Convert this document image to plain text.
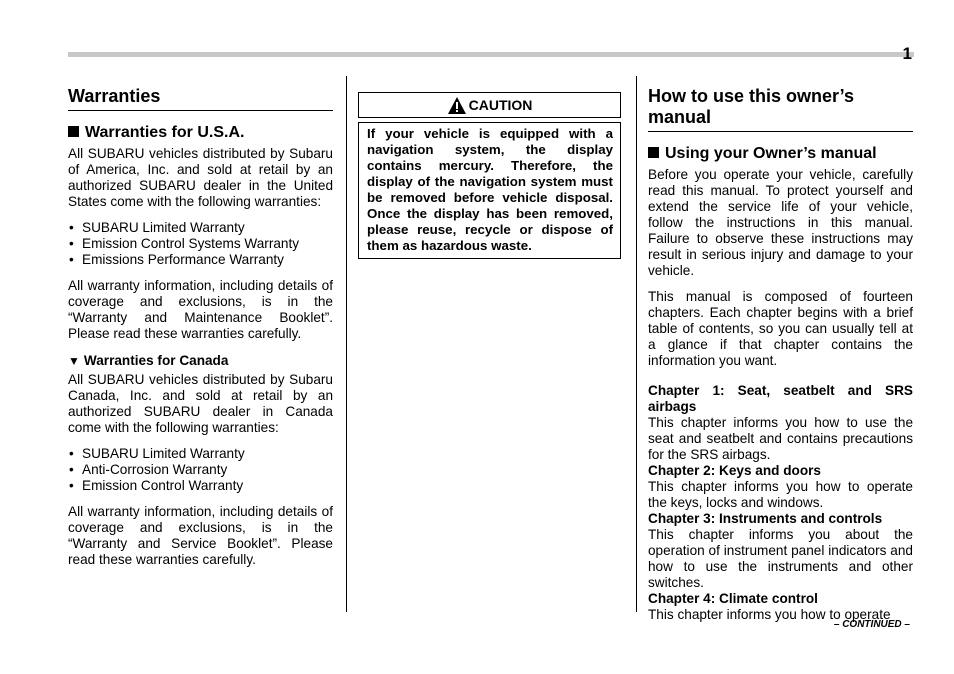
1
Warranties
Warranties for U.S.A.

All SUBARU vehicles distributed by Subaru of America, Inc. and sold at retail by an authorized SUBARU dealer in the United States come with the following warranties:

• SUBARU Limited Warranty
• Emission Control Systems Warranty
• Emissions Performance Warranty

All warranty information, including details of coverage and exclusions, is in the “Warranty and Maintenance Booklet”. Please read these warranties carefully.

▼ Warranties for Canada

All SUBARU vehicles distributed by Subaru Canada, Inc. and sold at retail by an authorized SUBARU dealer in Canada come with the following warranties:

• SUBARU Limited Warranty
• Anti-Corrosion Warranty
• Emission Control Warranty

All warranty information, including details of coverage and exclusions, is in the “Warranty and Service Booklet”. Please read these warranties carefully.

CAUTION
If your vehicle is equipped with a navigation system, the display contains mercury. Therefore, the display of the navigation system must be removed before vehicle disposal. Once the display has been removed, please reuse, recycle or dispose of them as hazardous waste.
How to use this owner’s manual
Using your Owner’s manual

Before you operate your vehicle, carefully read this manual. To protect yourself and extend the service life of your vehicle, follow the instructions in this manual. Failure to observe these instructions may result in serious injury and damage to your vehicle.

This manual is composed of fourteen chapters. Each chapter begins with a brief table of contents, so you can usually tell at a glance if that chapter contains the information you want.

Chapter 1: Seat, seatbelt and SRS airbags

This chapter informs you how to use the seat and seatbelt and contains precautions for the SRS airbags.

Chapter 2: Keys and doors

This chapter informs you how to operate the keys, locks and windows.

Chapter 3: Instruments and controls

This chapter informs you about the operation of instrument panel indicators and how to use the instruments and other switches.

Chapter 4: Climate control

This chapter informs you how to operate

– CONTINUED –
